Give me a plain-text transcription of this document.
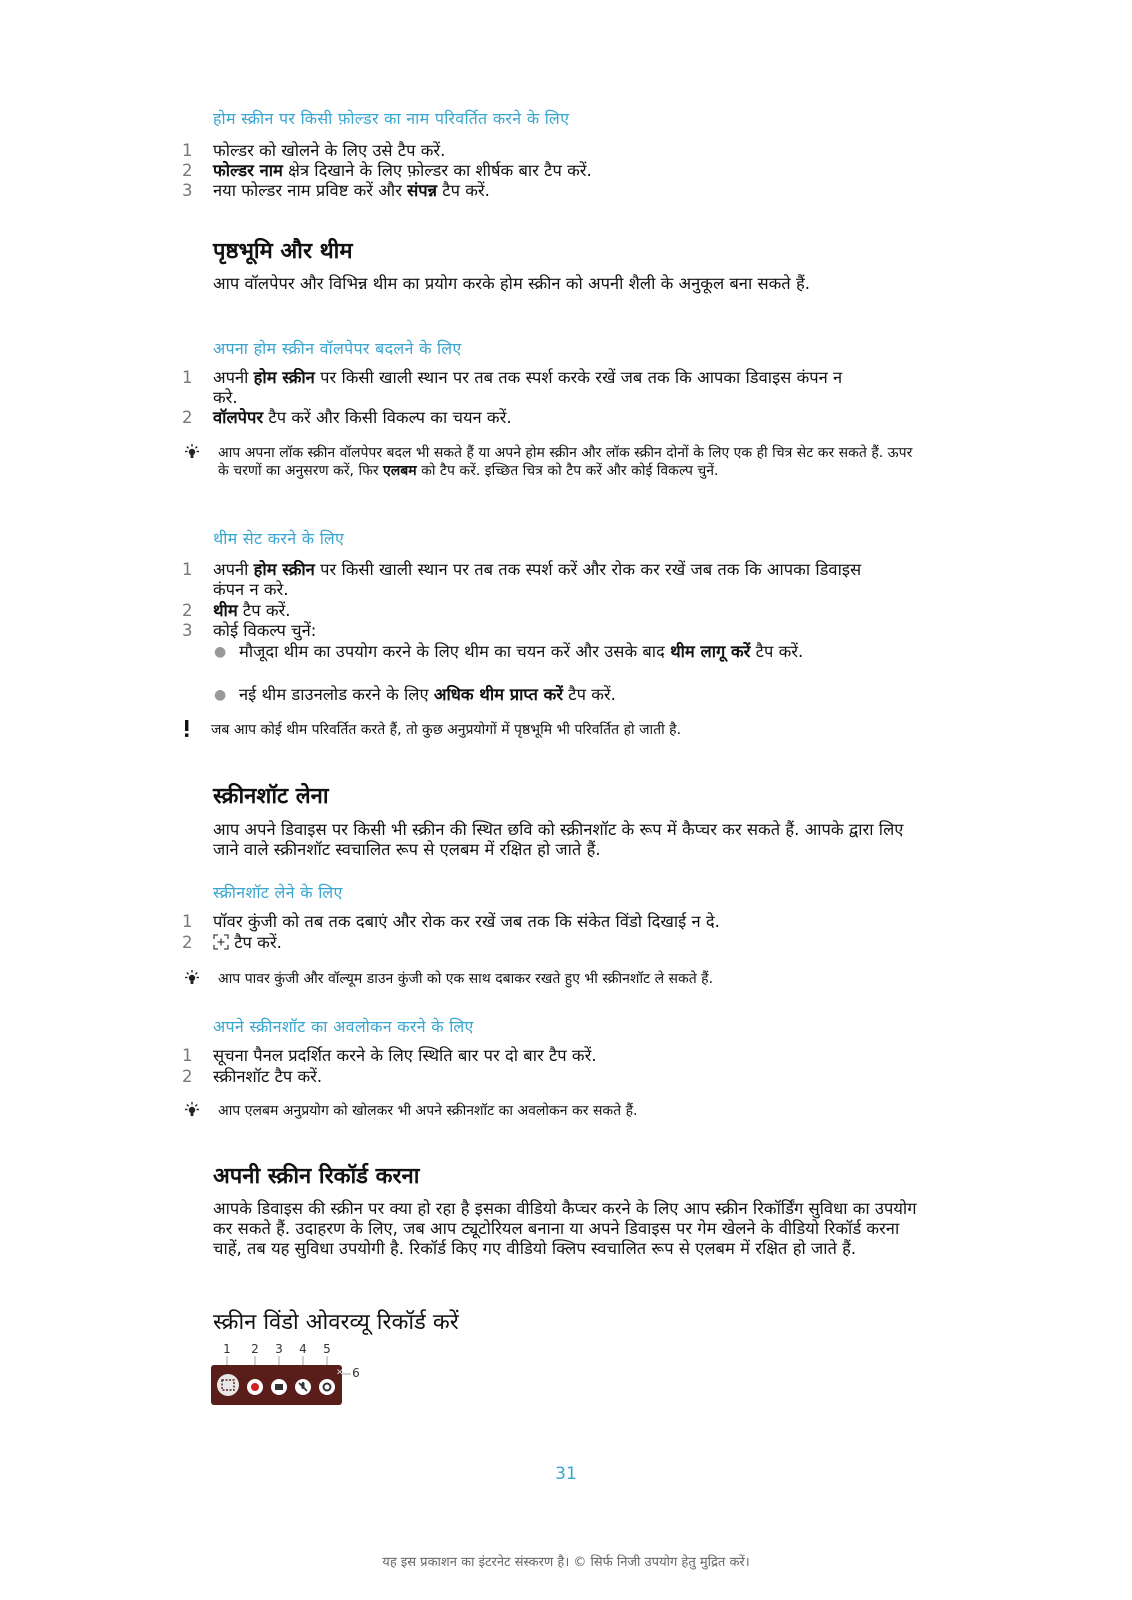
होम स्क्रीन पर किसी फ़ोल्डर का नाम परिवर्तित करने के लिए
1	फोल्डर को खोलने के लिए उसे टैप करें.
2	फोल्डर नाम क्षेत्र दिखाने के लिए फ़ोल्डर का शीर्षक बार टैप करें.
3	नया फोल्डर नाम प्रविष्ट करें और संपन्न टैप करें.
पृष्ठभूमि और थीम

आप वॉलपेपर और विभिन्न थीम का प्रयोग करके होम स्क्रीन को अपनी शैली के अनुकूल बना सकते हैं.

अपना होम स्क्रीन वॉलपेपर बदलने के लिए
1	अपनी होम स्क्रीन पर किसी खाली स्थान पर तब तक स्पर्श करके रखें जब तक कि आपका डिवाइस कंपन न करे.
2	वॉलपेपर टैप करें और किसी विकल्प का चयन करें.
आप अपना लॉक स्क्रीन वॉलपेपर बदल भी सकते हैं या अपने होम स्क्रीन और लॉक स्क्रीन दोनों के लिए एक ही चित्र सेट कर सकते हैं. ऊपर के चरणों का अनुसरण करें, फिर एलबम को टैप करें. इच्छित चित्र को टैप करें और कोई विकल्प चुनें.
थीम सेट करने के लिए
1	अपनी होम स्क्रीन पर किसी खाली स्थान पर तब तक स्पर्श करें और रोक कर रखें जब तक कि आपका डिवाइस कंपन न करे.
2	थीम टैप करें.
3	कोई विकल्प चुनें:
● मौजूदा थीम का उपयोग करने के लिए थीम का चयन करें और उसके बाद थीम लागू करें टैप करें.
● नई थीम डाउनलोड करने के लिए अधिक थीम प्राप्त करें टैप करें.
जब आप कोई थीम परिवर्तित करते हैं, तो कुछ अनुप्रयोगों में पृष्ठभूमि भी परिवर्तित हो जाती है.
स्क्रीनशॉट लेना

आप अपने डिवाइस पर किसी भी स्क्रीन की स्थित छवि को स्क्रीनशॉट के रूप में कैप्चर कर सकते हैं. आपके द्वारा लिए जाने वाले स्क्रीनशॉट स्वचालित रूप से एलबम में रक्षित हो जाते हैं.

स्क्रीनशॉट लेने के लिए
1	पॉवर कुंजी को तब तक दबाएं और रोक कर रखें जब तक कि संकेत विंडो दिखाई न दे.
2	टैप करें.
आप पावर कुंजी और वॉल्यूम डाउन कुंजी को एक साथ दबाकर रखते हुए भी स्क्रीनशॉट ले सकते हैं.
अपने स्क्रीनशॉट का अवलोकन करने के लिए
1	सूचना पैनल प्रदर्शित करने के लिए स्थिति बार पर दो बार टैप करें.
2	स्क्रीनशॉट टैप करें.
आप एलबम अनुप्रयोग को खोलकर भी अपने स्क्रीनशॉट का अवलोकन कर सकते हैं.
अपनी स्क्रीन रिकॉर्ड करना

आपके डिवाइस की स्क्रीन पर क्या हो रहा है इसका वीडियो कैप्चर करने के लिए आप स्क्रीन रिकॉर्डिंग सुविधा का उपयोग कर सकते हैं. उदाहरण के लिए, जब आप ट्यूटोरियल बनाना या अपने डिवाइस पर गेम खेलने के वीडियो रिकॉर्ड करना चाहें, तब यह सुविधा उपयोगी है. रिकॉर्ड किए गए वीडियो क्लिप स्वचालित रूप से एलबम में रक्षित हो जाते हैं.

स्क्रीन विंडो ओवरव्यू रिकॉर्ड करें
1 2 3 4 5
6
✕
31
यह इस प्रकाशन का इंटरनेट संस्करण है। © सिर्फ निजी उपयोग हेतु मुद्रित करें।
